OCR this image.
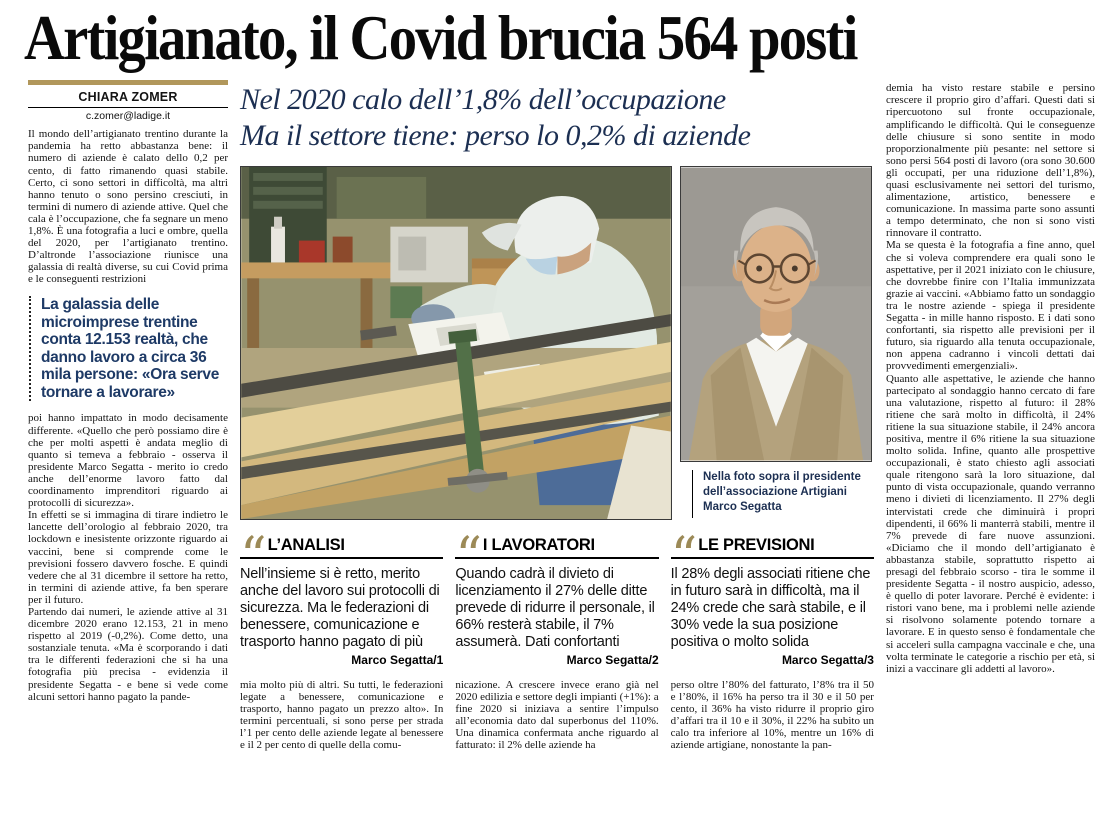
Artigianato, il Covid brucia 564 posti
CHIARA ZOMER
c.zomer@ladige.it

Il mondo dell’artigianato trentino durante la pandemia ha retto abbastanza bene: il numero di aziende è calato dello 0,2 per cento, di fatto rimanendo quasi stabile. Certo, ci sono settori in difficoltà, ma altri hanno tenuto o sono persino cresciuti, in termini di numero di aziende attive. Quel che cala è l’occupazione, che fa segnare un meno 1,8%. È una fotografia a luci e ombre, quella del 2020, per l’artigianato trentino. D’altronde l’associazione riunisce una galassia di realtà diverse, su cui Covid prima e le conseguenti restrizioni

La galassia delle microimprese trentine conta 12.153 realtà, che danno lavoro a circa 36 mila persone: «Ora serve tornare a lavorare»

poi hanno impattato in modo decisamente differente. «Quello che però possiamo dire è che per molti aspetti è andata meglio di quanto si temeva a febbraio - osserva il presidente Marco Segatta - merito io credo anche dell’enorme lavoro fatto dal coordinamento imprenditori riguardo ai protocolli di sicurezza».

In effetti se si immagina di tirare indietro le lancette dell’orologio al febbraio 2020, tra lockdown e inesistente orizzonte riguardo ai vaccini, bene si comprende come le previsioni fossero davvero fosche. E quindi vedere che al 31 dicembre il settore ha retto, in termini di aziende attive, fa ben sperare per il futuro.

Partendo dai numeri, le aziende attive al 31 dicembre 2020 erano 12.153, 21 in meno rispetto al 2019 (-0,2%). Come detto, una sostanziale tenuta. «Ma è scorporando i dati tra le differenti federazioni che si ha una fotografia più precisa - evidenzia il presidente Segatta - e bene si vede come alcuni settori hanno pagato la pande-

Nel 2020 calo dell’1,8% dell’occupazione
Ma il settore tiene: perso lo 0,2% di aziende
Nella foto sopra il presidente dell’associazione Artigiani Marco Segatta
“ L’ANALISI
Nell’insieme si è retto, merito anche del lavoro sui protocolli di sicurezza. Ma le federazioni di benessere, comunicazione e trasporto hanno pagato di più
Marco Segatta/1
“ I LAVORATORI
Quando cadrà il divieto di licenziamento il 27% delle ditte prevede di ridurre il personale, il 66% resterà stabile, il 7% assumerà. Dati confortanti
Marco Segatta/2
“ LE PREVISIONI
Il 28% degli associati ritiene che in futuro sarà in difficoltà, ma il 24% crede che sarà stabile, e il 30% vede la sua posizione positiva o molto solida
Marco Segatta/3
mia molto più di altri. Su tutti, le federazioni legate a benessere, comunicazione e trasporto, hanno pagato un prezzo alto». In termini percentuali, si sono perse per strada l’1 per cento delle aziende legate al benessere e il 2 per cento di quelle della comu-
nicazione. A crescere invece erano già nel 2020 edilizia e settore degli impianti (+1%): a fine 2020 si iniziava a sentire l’impulso all’economia dato dal superbonus del 110%. Una dinamica confermata anche riguardo al fatturato: il 2% delle aziende ha
perso oltre l’80% del fatturato, l’8% tra il 50 e l’80%, il 16% ha perso tra il 30 e il 50 per cento, il 36% ha visto ridurre il proprio giro d’affari tra il 10 e il 30%, il 22% ha subito un calo tra inferiore al 10%, mentre un 16% di aziende artigiane, nonostante la pan-

demia ha visto restare stabile e persino crescere il proprio giro d’affari. Questi dati si ripercuotono sul fronte occupazionale, amplificando le difficoltà. Qui le conseguenze delle chiusure si sono sentite in modo proporzionalmente più pesante: nel settore si sono persi 564 posti di lavoro (ora sono 30.600 gli occupati, per una riduzione dell’1,8%), quasi esclusivamente nei settori del turismo, alimentazione, artistico, benessere e comunicazione. In massima parte sono assunti a tempo determinato, che non si sono visti rinnovare il contratto.

Ma se questa è la fotografia a fine anno, quel che si voleva comprendere era quali sono le aspettative, per il 2021 iniziato con le chiusure, che dovrebbe finire con l’Italia immunizzata grazie ai vaccini. «Abbiamo fatto un sondaggio tra le nostre aziende - spiega il presidente Segatta - in mille hanno risposto. E i dati sono confortanti, sia rispetto alle previsioni per il futuro, sia riguardo alla tenuta occupazionale, non appena cadranno i vincoli dettati dai provvedimenti emergenziali».

Quanto alle aspettative, le aziende che hanno partecipato al sondaggio hanno cercato di fare una valutazione, rispetto al futuro: il 28% ritiene che sarà molto in difficoltà, il 24% ritiene la sua situazione stabile, il 24% ancora positiva, mentre il 6% ritiene la sua situazione molto solida. Infine, quanto alle prospettive occupazionali, è stato chiesto agli associati quale ritengono sarà la loro situazione, dal punto di vista occupazionale, quando verranno meno i divieti di licenziamento. Il 27% degli intervistati crede che diminuirà i propri dipendenti, il 66% li manterrà stabili, mentre il 7% prevede di fare nuove assunzioni. «Diciamo che il mondo dell’artigianato è abbastanza stabile, soprattutto rispetto ai presagi del febbraio scorso - tira le somme il presidente Segatta - il nostro auspicio, adesso, è quello di poter lavorare. Perché è evidente: i ristori vano bene, ma i problemi nelle aziende si risolvono solamente potendo tornare a lavorare. E in questo senso è fondamentale che si acceleri sulla campagna vaccinale e che, una volta terminate le categorie a rischio per età, si inizi a vaccinare gli addetti al lavoro».
